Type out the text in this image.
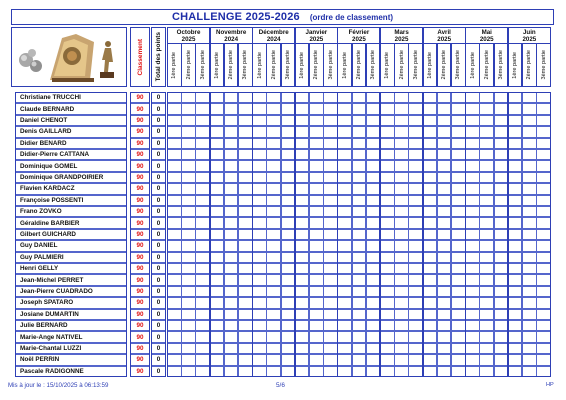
CHALLENGE 2025-2026 (ordre de classement)
Classement Total des points
Christiane TRUCCHI	90	0
Claude BERNARD	90	0
Daniel CHENOT	90	0
Denis GAILLARD	90	0
Didier BENARD	90	0
Didier-Pierre CATTANA	90	0
Dominique GOMEL	90	0
Dominique GRANDPOIRIER	90	0
Flavien KARDACZ	90	0
Françoise POSSENTI	90	0
Frano ZOVKO	90	0
Géraldine BARBIER	90	0
Gilbert GUICHARD	90	0
Guy DANIEL	90	0
Guy PALMIERI	90	0
Henri GELLY	90	0
Jean-Michel PERRET	90	0
Jean-Pierre CUADRADO	90	0
Joseph SPATARO	90	0
Josiane DUMARTIN	90	0
Julie BERNARD	90	0
Marie-Ange NATIVEL	90	0
Marie-Chantal LUZZI	90	0
Noël PERRIN	90	0
Pascale RADIGONNE	90	0
Mis à jour le : 15/10/2025 à 06:13:59	5/6	HP
Octobre
2025
1ère partie 2ème partie 3ème partie
Novembre
2024
1ère partie 2ème partie 3ème partie
Décembre
2024
1ère partie 2ème partie 3ème partie
Janvier
2025
1ère partie 2ème partie 3ème partie
Février
2025
1ère partie 2ème partie 3ème partie
Mars
2025
1ère partie 2ème partie 3ème partie
Avril
2025
1ère partie 2ème partie 3ème partie
Mai
2025
1ère partie 2ème partie 3ème partie
Juin
2025
1ère partie 2ème partie 3ème partie
